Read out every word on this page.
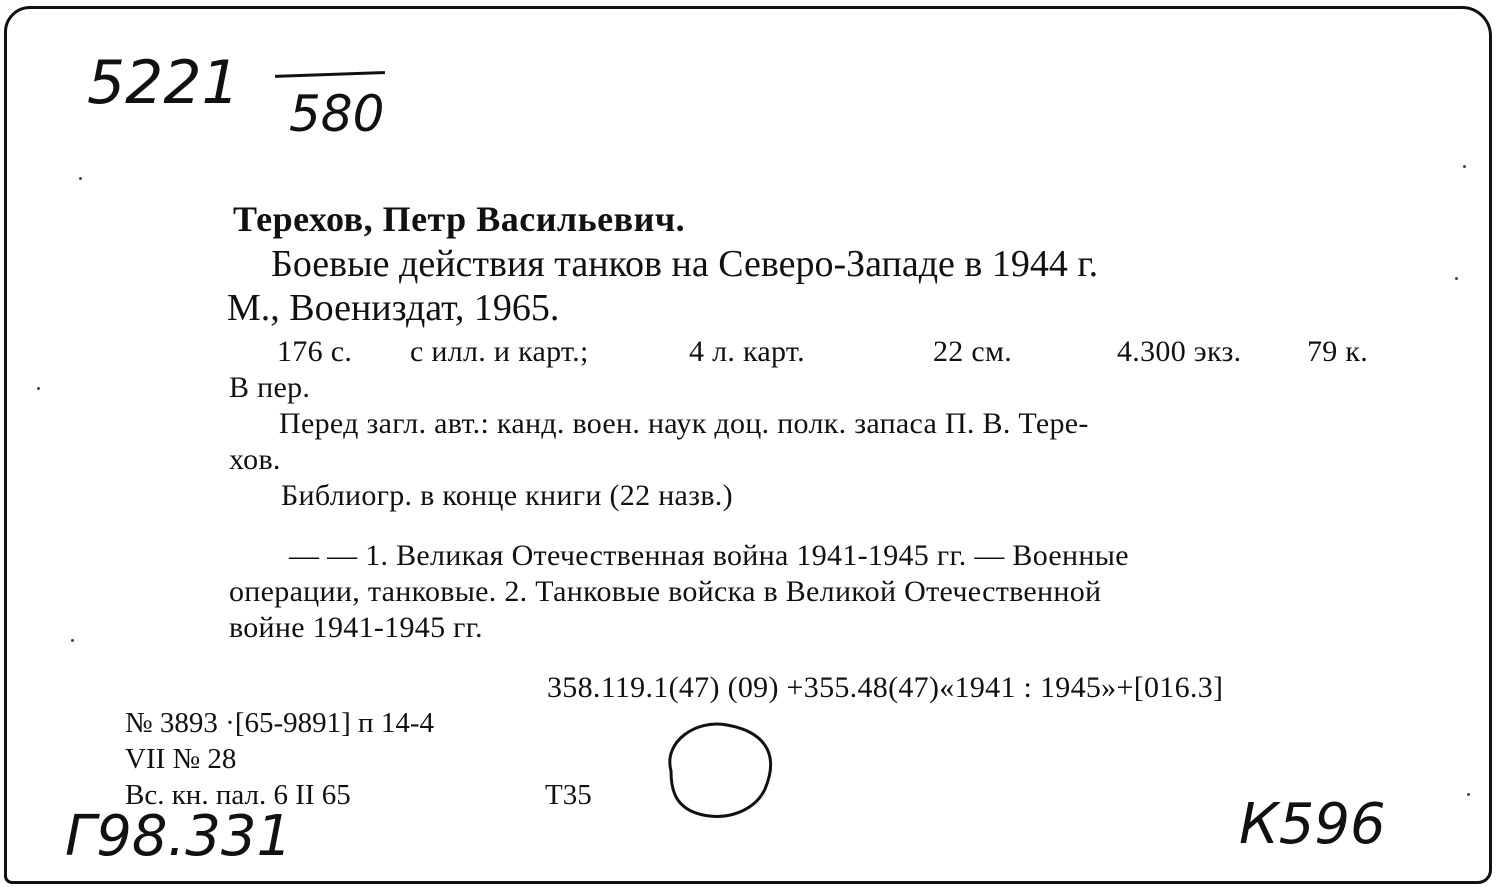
5221 580
Терехов, Петр Васильевич.
Боевые действия танков на Северо-Западе в 1944 г.
М., Воениздат, 1965.
176 с. с илл. и карт.;	4 л. карт.	22 см.	4.300 экз. 79 к.
В пер.
Перед загл. авт.: канд. воен. наук доц. полк. запаса П. В. Тере-
хов.
Библиогр. в конце книги (22 назв.)
— — 1. Великая Отечественная война 1941-1945 гг. — Военные
операции, танковые. 2. Танковые войска в Великой Отечественной
войне 1941-1945 гг.
358.119.1(47) (09) +355.48(47)«1941 : 1945»+[016.3]
№ 3893 ·[65-9891] п 14-4
VII № 28
Вс. кн. пал. 6 II 65	Т35
Г98.331	К596
